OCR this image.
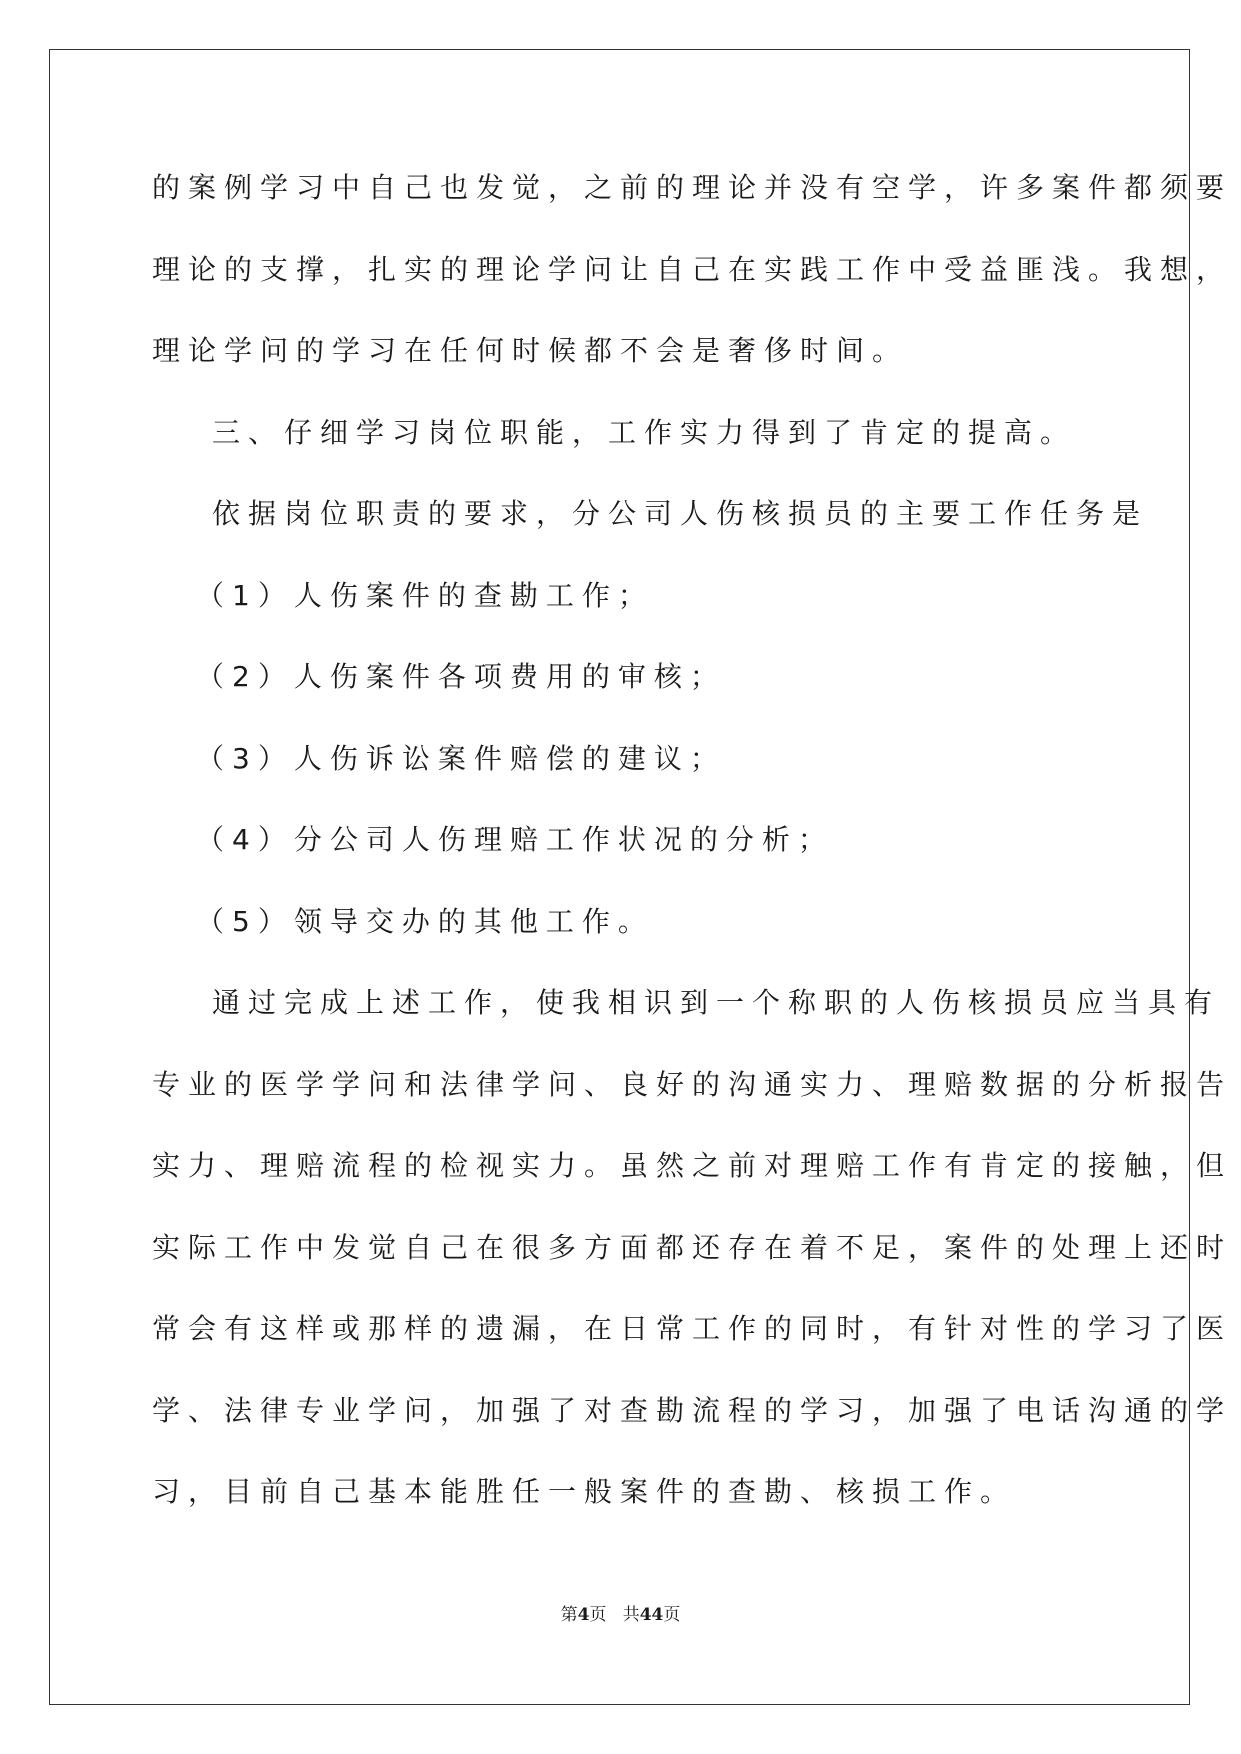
的案例学习中自己也发觉，之前的理论并没有空学，许多案件都须要
理论的支撑，扎实的理论学问让自己在实践工作中受益匪浅。我想，
理论学问的学习在任何时候都不会是奢侈时间。
三、仔细学习岗位职能，工作实力得到了肯定的提高。
依据岗位职责的要求，分公司人伤核损员的主要工作任务是
（1）人伤案件的查勘工作；
（2）人伤案件各项费用的审核；
（3）人伤诉讼案件赔偿的建议；
（4）分公司人伤理赔工作状况的分析；
（5）领导交办的其他工作。
通过完成上述工作，使我相识到一个称职的人伤核损员应当具有
专业的医学学问和法律学问、良好的沟通实力、理赔数据的分析报告
实力、理赔流程的检视实力。虽然之前对理赔工作有肯定的接触，但
实际工作中发觉自己在很多方面都还存在着不足，案件的处理上还时
常会有这样或那样的遗漏，在日常工作的同时，有针对性的学习了医
学、法律专业学问，加强了对查勘流程的学习，加强了电话沟通的学
习，目前自己基本能胜任一般案件的查勘、核损工作。
第4页 共44页
